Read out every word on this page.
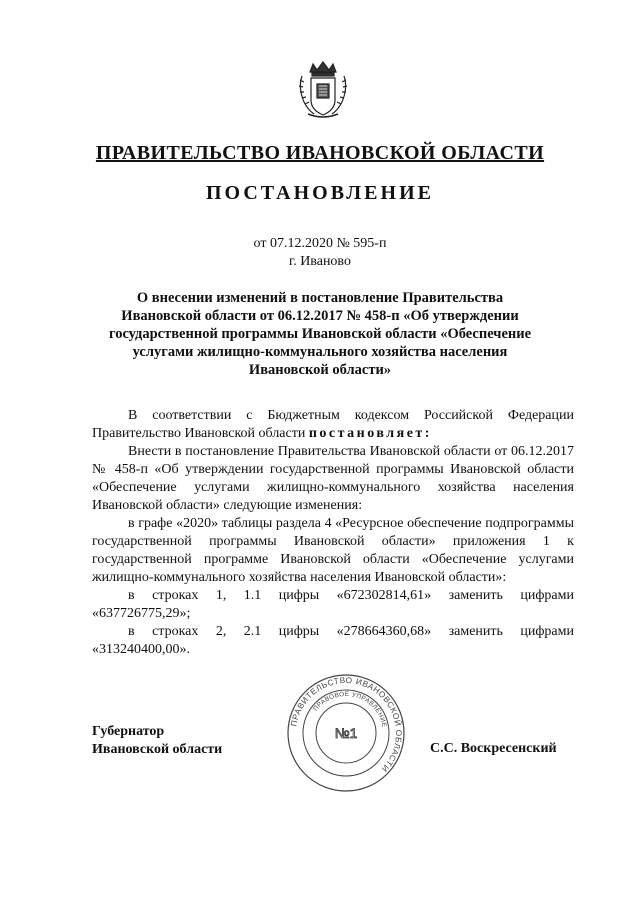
ПРАВИТЕЛЬСТВО ИВАНОВСКОЙ ОБЛАСТИ
ПОСТАНОВЛЕНИЕ
от 07.12.2020 № 595-п
г. Иваново
О внесении изменений в постановление Правительства Ивановской области от 06.12.2017 № 458-п «Об утверждении государственной программы Ивановской области «Обеспечение услугами жилищно-коммунального хозяйства населения Ивановской области»

В соответствии с Бюджетным кодексом Российской Федерации Правительство Ивановской области постановляет:

Внести в постановление Правительства Ивановской области от 06.12.2017 № 458-п «Об утверждении государственной программы Ивановской области «Обеспечение услугами жилищно-коммунального хозяйства населения Ивановской области» следующие изменения:

в графе «2020» таблицы раздела 4 «Ресурсное обеспечение подпрограммы государственной программы Ивановской области» приложения 1 к государственной программе Ивановской области «Обеспечение услугами жилищно-коммунального хозяйства населения Ивановской области»:

в строках 1, 1.1 цифры «672302814,61» заменить цифрами «637726775,29»;

в строках 2, 2.1 цифры «278664360,68» заменить цифрами «313240400,00».

Губернатор
Ивановской области	С.С. Воскресенский
ПРАВИТЕЛЬСТВО ИВАНОВСКОЙ ОБЛАСТИ
ПРАВОВОЕ УПРАВЛЕНИЕ
№1
